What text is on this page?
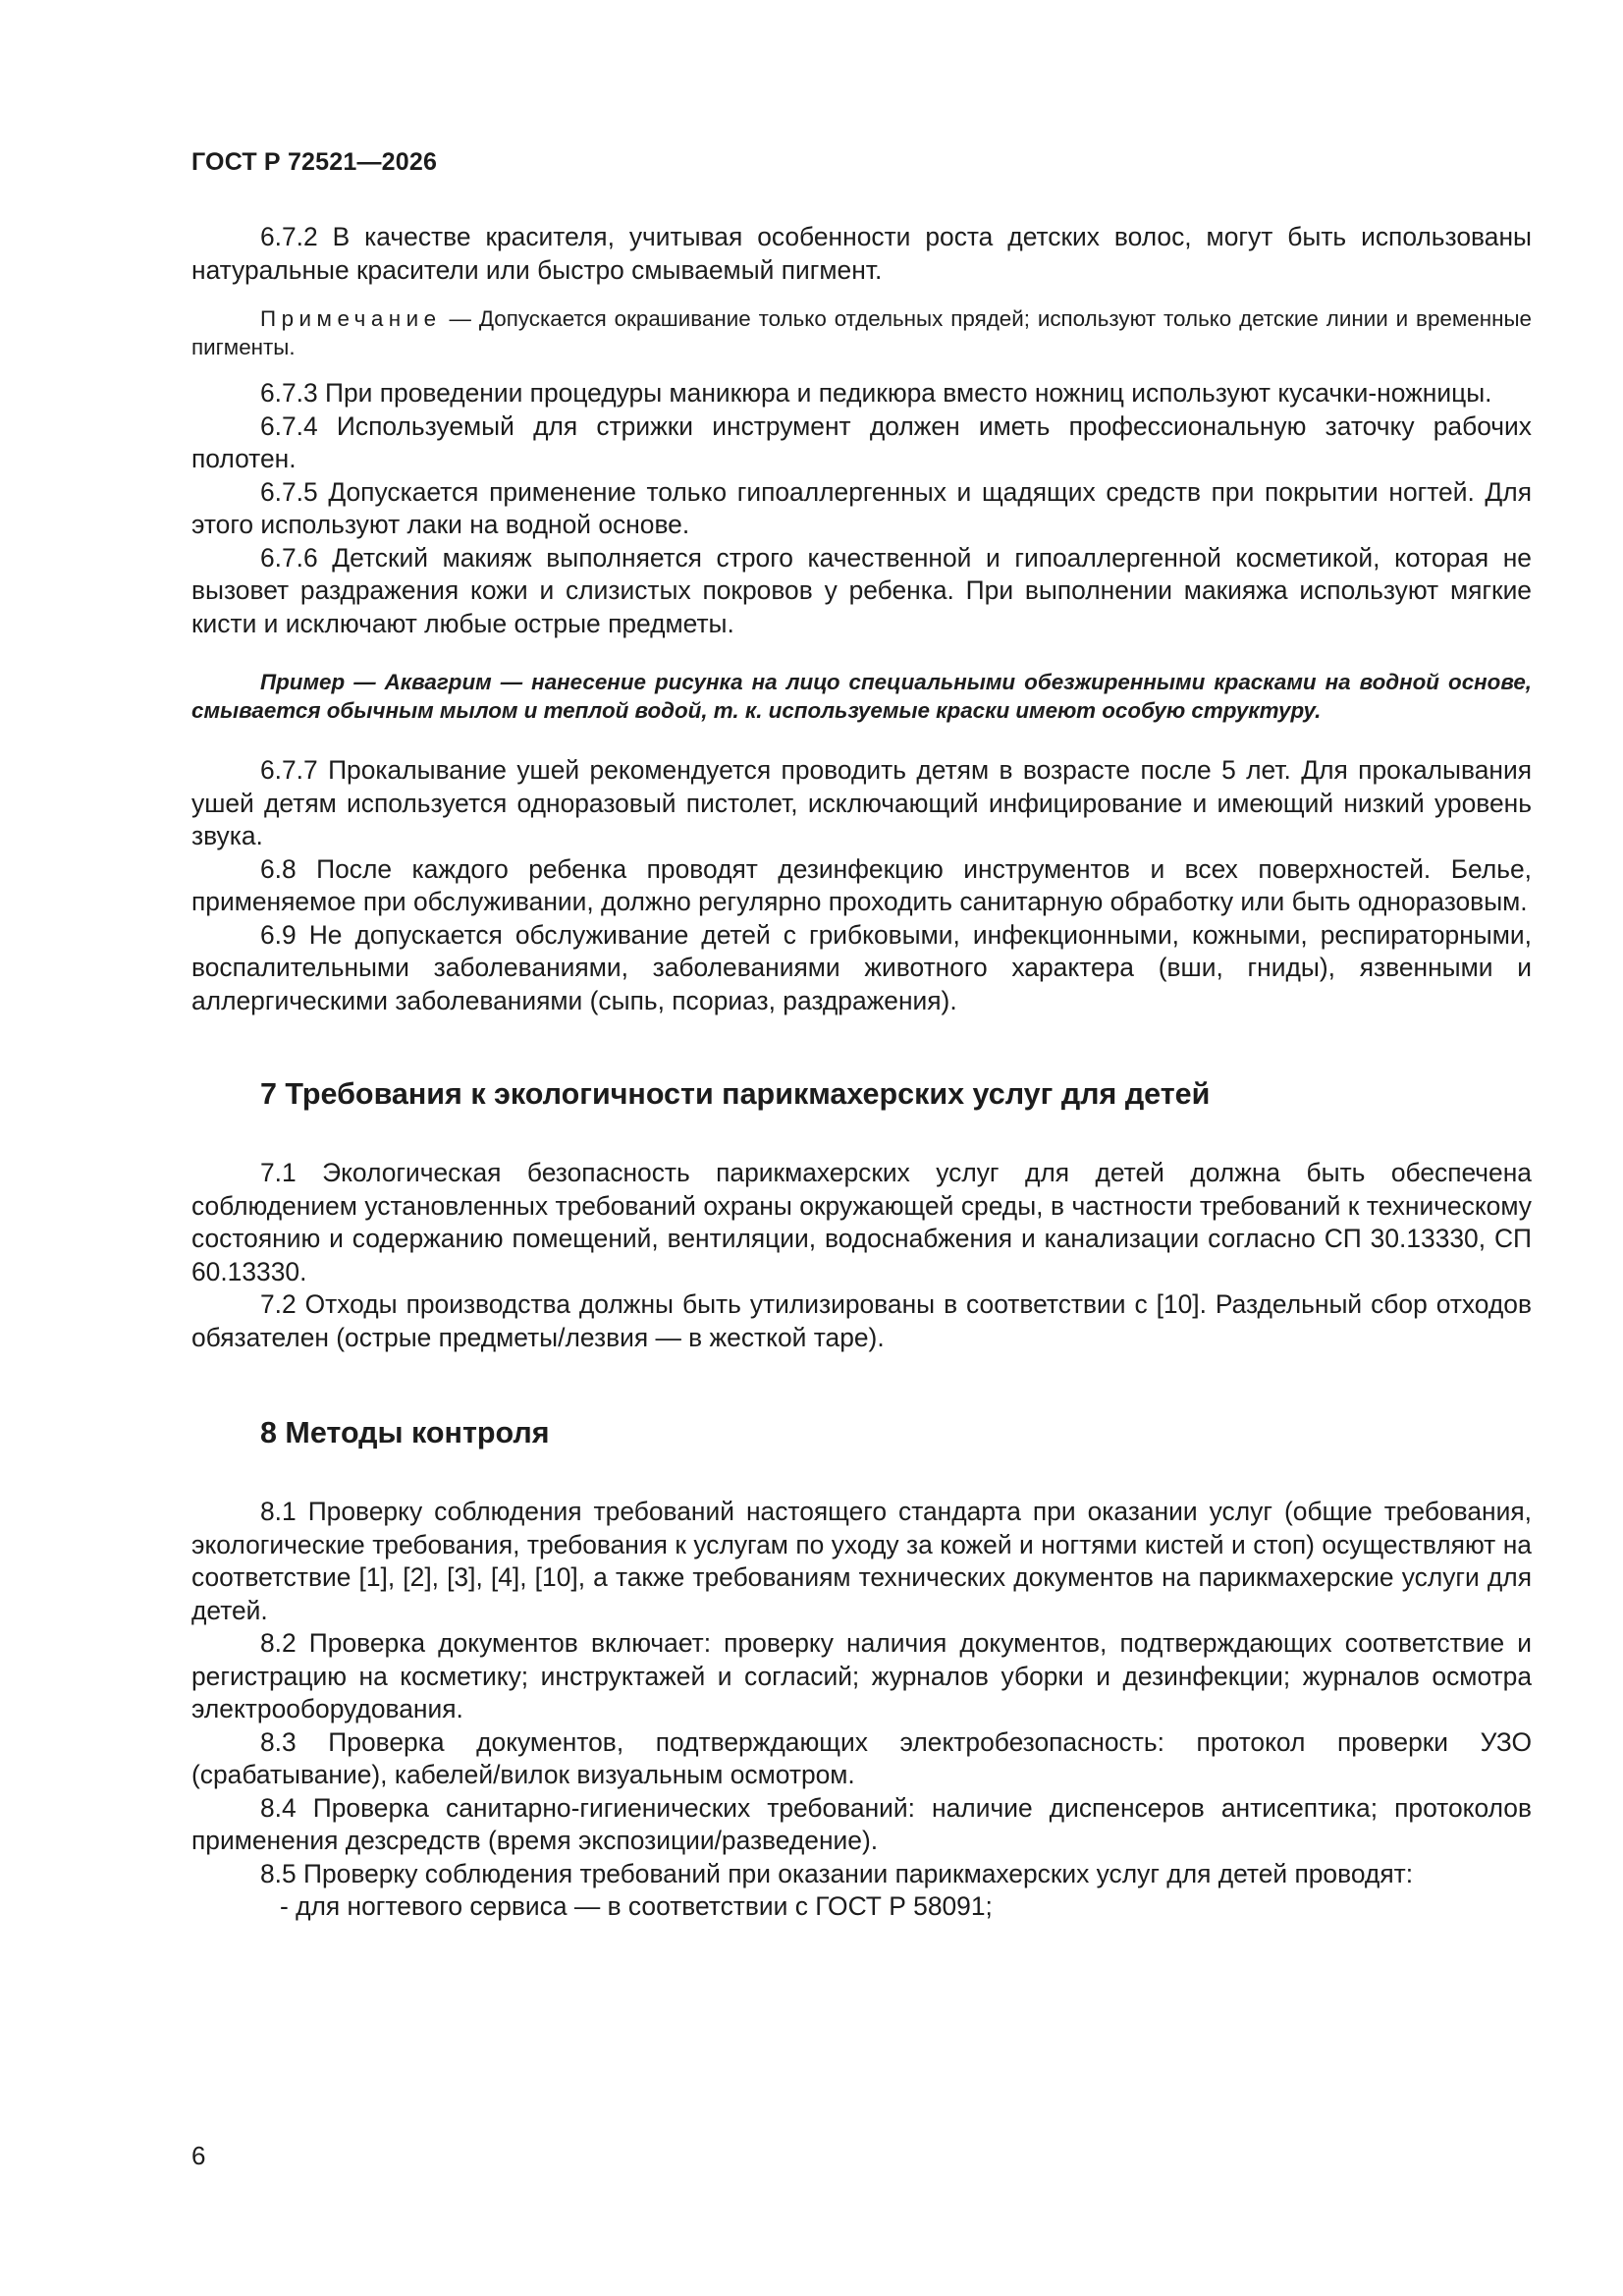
ГОСТ Р 72521—2026

6.7.2 В качестве красителя, учитывая особенности роста детских волос, могут быть использованы натуральные красители или быстро смываемый пигмент.

Примечание — Допускается окрашивание только отдельных прядей; используют только детские линии и временные пигменты.

6.7.3 При проведении процедуры маникюра и педикюра вместо ножниц используют кусачки-ножницы.

6.7.4 Используемый для стрижки инструмент должен иметь профессиональную заточку рабочих полотен.

6.7.5 Допускается применение только гипоаллергенных и щадящих средств при покрытии ногтей. Для этого используют лаки на водной основе.

6.7.6 Детский макияж выполняется строго качественной и гипоаллергенной косметикой, которая не вызовет раздражения кожи и слизистых покровов у ребенка. При выполнении макияжа используют мягкие кисти и исключают любые острые предметы.

Пример — Аквагрим — нанесение рисунка на лицо специальными обезжиренными красками на водной основе, смывается обычным мылом и теплой водой, т. к. используемые краски имеют особую структуру.

6.7.7 Прокалывание ушей рекомендуется проводить детям в возрасте после 5 лет. Для прокалывания ушей детям используется одноразовый пистолет, исключающий инфицирование и имеющий низкий уровень звука.

6.8 После каждого ребенка проводят дезинфекцию инструментов и всех поверхностей. Белье, применяемое при обслуживании, должно регулярно проходить санитарную обработку или быть одноразовым.

6.9 Не допускается обслуживание детей с грибковыми, инфекционными, кожными, респираторными, воспалительными заболеваниями, заболеваниями животного характера (вши, гниды), язвенными и аллергическими заболеваниями (сыпь, псориаз, раздражения).

7 Требования к экологичности парикмахерских услуг для детей

7.1 Экологическая безопасность парикмахерских услуг для детей должна быть обеспечена соблюдением установленных требований охраны окружающей среды, в частности требований к техническому состоянию и содержанию помещений, вентиляции, водоснабжения и канализации согласно СП 30.13330, СП 60.13330.

7.2 Отходы производства должны быть утилизированы в соответствии с [10]. Раздельный сбор отходов обязателен (острые предметы/лезвия — в жесткой таре).

8 Методы контроля

8.1 Проверку соблюдения требований настоящего стандарта при оказании услуг (общие требования, экологические требования, требования к услугам по уходу за кожей и ногтями кистей и стоп) осуществляют на соответствие [1], [2], [3], [4], [10], а также требованиям технических документов на парикмахерские услуги для детей.

8.2 Проверка документов включает: проверку наличия документов, подтверждающих соответствие и регистрацию на косметику; инструктажей и согласий; журналов уборки и дезинфекции; журналов осмотра электрооборудования.

8.3 Проверка документов, подтверждающих электробезопасность: протокол проверки УЗО (срабатывание), кабелей/вилок визуальным осмотром.

8.4 Проверка санитарно-гигиенических требований: наличие диспенсеров антисептика; протоколов применения дезсредств (время экспозиции/разведение).

8.5 Проверку соблюдения требований при оказании парикмахерских услуг для детей проводят:

- для ногтевого сервиса — в соответствии с ГОСТ Р 58091;

6
